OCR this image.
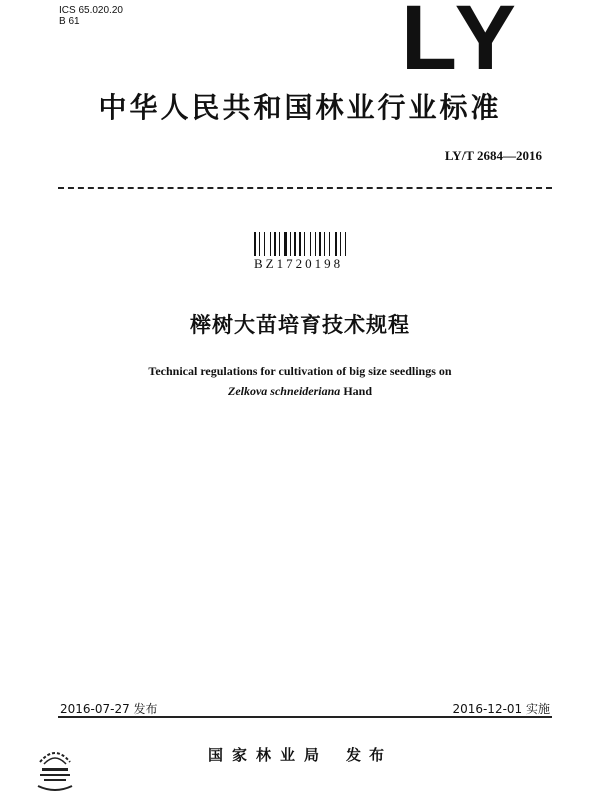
ICS 65.020.20
B 61	LY
中华人民共和国林业行业标准
LY/T 2684—2016
BZ1720198
榉树大苗培育技术规程
Technical regulations for cultivation of big size seedlings on
Zelkova schneideriana Hand
2016-07-27 发布	2016-12-01 实施
国家林业局 发布
